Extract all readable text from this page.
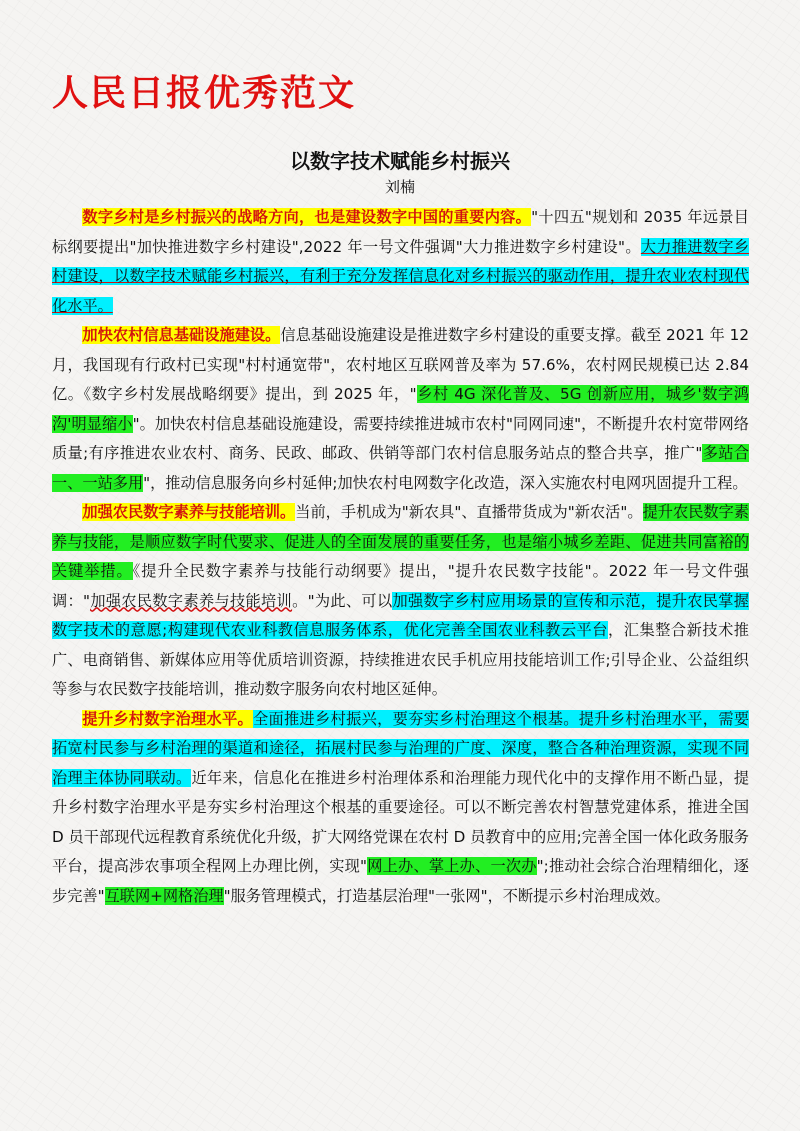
人民日报优秀范文
以数字技术赋能乡村振兴
刘楠

数字乡村是乡村振兴的战略方向，也是建设数字中国的重要内容。"十四五"规划和 2035 年远景目标纲要提出"加快推进数字乡村建设",2022 年一号文件强调"大力推进数字乡村建设"。大力推进数字乡村建设，以数字技术赋能乡村振兴，有利于充分发挥信息化对乡村振兴的驱动作用，提升农业农村现代化水平。

加快农村信息基础设施建设。信息基础设施建设是推进数字乡村建设的重要支撑。截至 2021 年 12 月，我国现有行政村已实现"村村通宽带"，农村地区互联网普及率为 57.6%，农村网民规模已达 2.84 亿。《数字乡村发展战略纲要》提出，到 2025 年，"乡村 4G 深化普及、5G 创新应用，城乡'数字鸿沟'明显缩小"。加快农村信息基础设施建设，需要持续推进城市农村"同网同速"，不断提升农村宽带网络质量;有序推进农业农村、商务、民政、邮政、供销等部门农村信息服务站点的整合共享，推广"多站合一、一站多用"，推动信息服务向乡村延伸;加快农村电网数字化改造，深入实施农村电网巩固提升工程。

加强农民数字素养与技能培训。当前，手机成为"新农具"、直播带货成为"新农活"。提升农民数字素养与技能，是顺应数字时代要求、促进人的全面发展的重要任务，也是缩小城乡差距、促进共同富裕的关键举措。《提升全民数字素养与技能行动纲要》提出，"提升农民数字技能"。2022 年一号文件强调："加强农民数字素养与技能培训。"为此、可以加强数字乡村应用场景的宣传和示范，提升农民掌握数字技术的意愿;构建现代农业科教信息服务体系，优化完善全国农业科教云平台，汇集整合新技术推广、电商销售、新媒体应用等优质培训资源，持续推进农民手机应用技能培训工作;引导企业、公益组织等参与农民数字技能培训，推动数字服务向农村地区延伸。

提升乡村数字治理水平。全面推进乡村振兴，要夯实乡村治理这个根基。提升乡村治理水平，需要拓宽村民参与乡村治理的渠道和途径，拓展村民参与治理的广度、深度，整合各种治理资源，实现不同治理主体协同联动。近年来，信息化在推进乡村治理体系和治理能力现代化中的支撑作用不断凸显，提升乡村数字治理水平是夯实乡村治理这个根基的重要途径。可以不断完善农村智慧党建体系，推进全国 D 员干部现代远程教育系统优化升级，扩大网络党课在农村 D 员教育中的应用;完善全国一体化政务服务平台，提高涉农事项全程网上办理比例，实现"网上办、掌上办、一次办";推动社会综合治理精细化，逐步完善"互联网+网格治理"服务管理模式，打造基层治理"一张网"，不断提示乡村治理成效。
